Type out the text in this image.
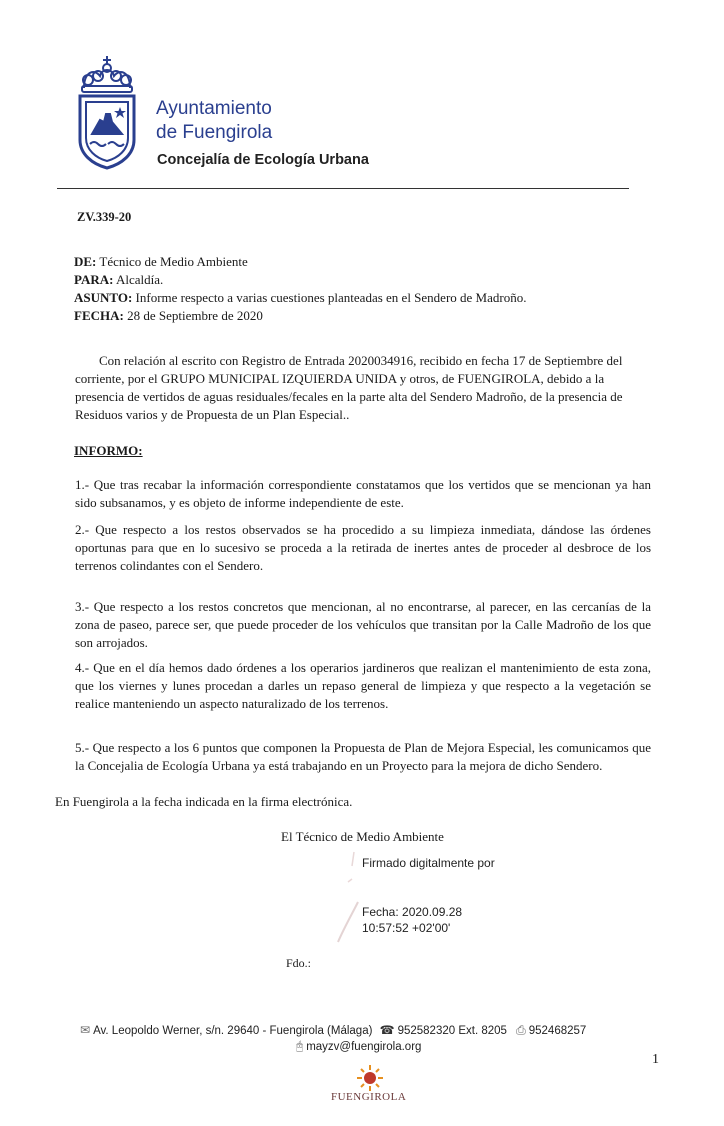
Ayuntamiento
de Fuengirola
Concejalía de Ecología Urbana
ZV.339-20
DE: Técnico de Medio Ambiente
PARA: Alcaldía.
ASUNTO: Informe respecto a varias cuestiones planteadas en el Sendero de Madroño.
FECHA: 28 de Septiembre de 2020
Con relación al escrito con Registro de Entrada 2020034916, recibido en fecha 17 de Septiembre del corriente, por el GRUPO MUNICIPAL IZQUIERDA UNIDA y otros, de FUENGIROLA, debido a la presencia de vertidos de aguas residuales/fecales en la parte alta del Sendero Madroño, de la presencia de Residuos varios y de Propuesta de un Plan Especial..
INFORMO:
1.- Que tras recabar la información correspondiente constatamos que los vertidos que se mencionan ya han sido subsanamos, y es objeto de informe independiente de este.
2.- Que respecto a los restos observados se ha procedido a su limpieza inmediata, dándose las órdenes oportunas para que en lo sucesivo se proceda a la retirada de inertes antes de proceder al desbroce de los terrenos colindantes con el Sendero.
3.- Que respecto a los restos concretos que mencionan, al no encontrarse, al parecer, en las cercanías de la zona de paseo, parece ser, que puede proceder de los vehículos que transitan por la Calle Madroño de los que son arrojados.
4.- Que en el día hemos dado órdenes a los operarios jardineros que realizan el mantenimiento de esta zona, que los viernes y lunes procedan a darles un repaso general de limpieza y que respecto a la vegetación se realice manteniendo un aspecto naturalizado de los terrenos.
5.- Que respecto a los 6 puntos que componen la Propuesta de Plan de Mejora Especial, les comunicamos que la Concejalia de Ecología Urbana ya está trabajando en un Proyecto para la mejora de dicho Sendero.
En Fuengirola a la fecha indicada en la firma electrónica.
El Técnico de Medio Ambiente
Firmado digitalmente por
Fecha: 2020.09.28
10:57:52 +02'00'
Fdo.:
✉ Av. Leopoldo Werner, s/n. 29640 - Fuengirola (Málaga) ☎ 952582320 Ext. 8205 ⎙ 952468257
🖰 mayzv@fuengirola.org
1
FUENGIROLA
